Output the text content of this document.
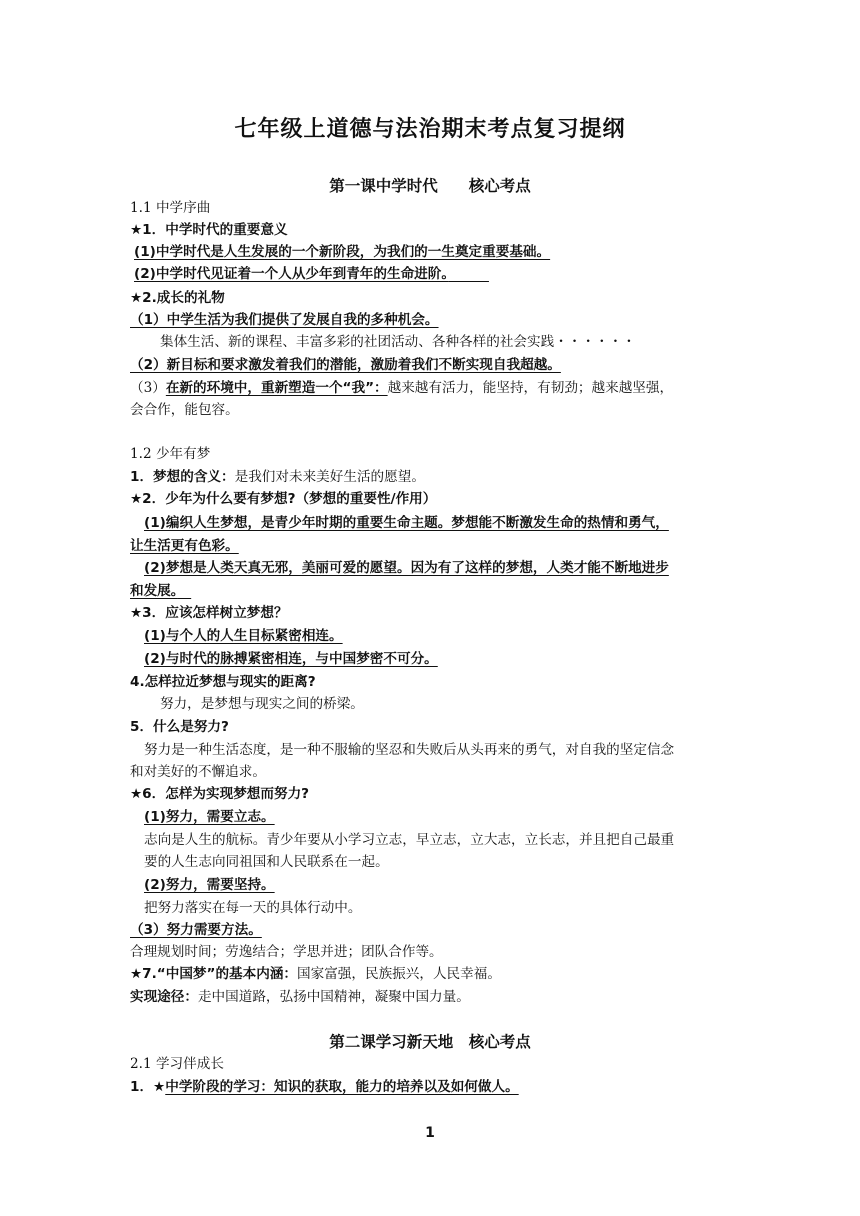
七年级上道德与法治期末考点复习提纲
第一课中学时代　　核心考点
1.1 中学序曲
★1．中学时代的重要意义
(1)中学时代是人生发展的一个新阶段，为我们的一生奠定重要基础。
(2)中学时代见证着一个人从少年到青年的生命进阶。　　　
★2.成长的礼物
（1）中学生活为我们提供了发展自我的多种机会。
集体生活、新的课程、丰富多彩的社团活动、各种各样的社会实践・・・・・・
（2）新目标和要求激发着我们的潜能，激励着我们不断实现自我超越。
（3）在新的环境中，重新塑造一个“我”：越来越有活力，能坚持，有韧劲；越来越坚强，
会合作，能包容。
1.2 少年有梦
1．梦想的含义：是我们对未来美好生活的愿望。
★2．少年为什么要有梦想?（梦想的重要性/作用）
(1)编织人生梦想，是青少年时期的重要生命主题。梦想能不断激发生命的热情和勇气，
让生活更有色彩。
(2)梦想是人类天真无邪，美丽可爱的愿望。因为有了这样的梦想，人类才能不断地进步
和发展。　
★3．应该怎样树立梦想？
(1)与个人的人生目标紧密相连。
(2)与时代的脉搏紧密相连，与中国梦密不可分。
4.怎样拉近梦想与现实的距离?
努力，是梦想与现实之间的桥梁。
5．什么是努力?
努力是一种生活态度，是一种不服输的坚忍和失败后从头再来的勇气，对自我的坚定信念
和对美好的不懈追求。
★6．怎样为实现梦想而努力?
(1)努力，需要立志。
志向是人生的航标。青少年要从小学习立志，早立志，立大志，立长志，并且把自己最重
要的人生志向同祖国和人民联系在一起。
(2)努力，需要坚持。
把努力落实在每一天的具体行动中。
（3）努力需要方法。
合理规划时间；劳逸结合；学思并进；团队合作等。
★7.“中国梦”的基本内涵：国家富强，民族振兴，人民幸福。
实现途径：走中国道路，弘扬中国精神，凝聚中国力量。
第二课学习新天地　核心考点
2.1 学习伴成长
1．★中学阶段的学习：知识的获取，能力的培养以及如何做人。
1
